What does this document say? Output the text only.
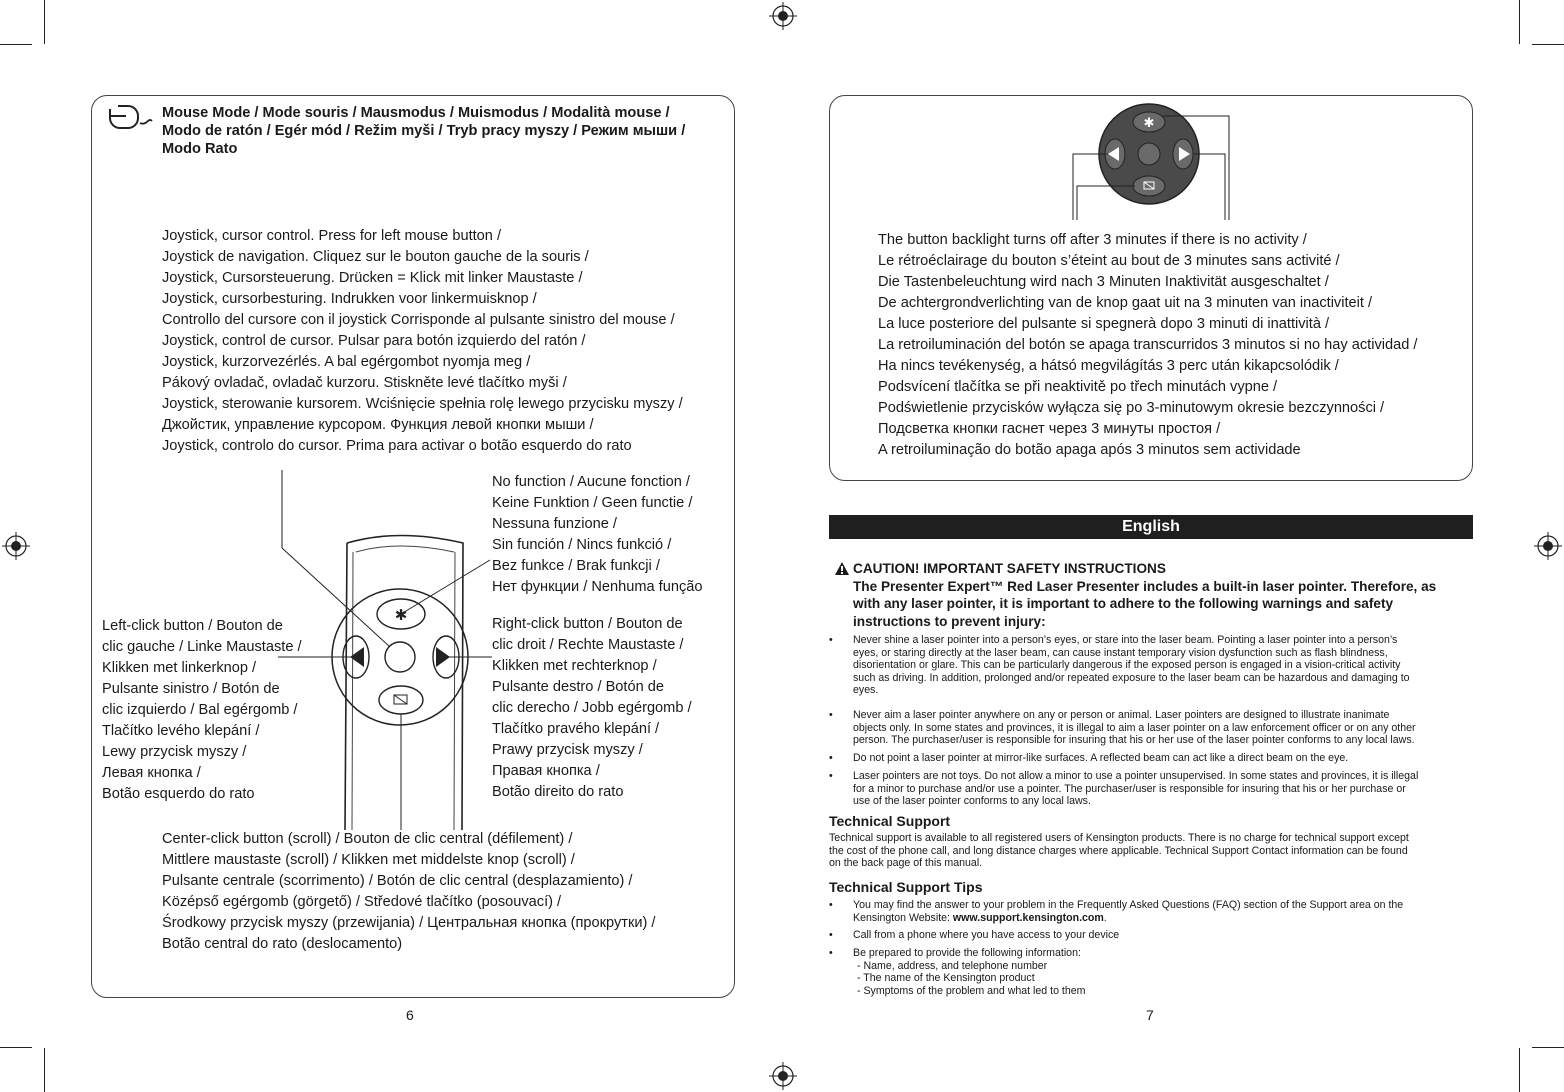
Mouse Mode / Mode souris / Mausmodus / Muismodus / Modalità mouse /
Modo de ratón / Egér mód / Režim myši / Tryb pracy myszy / Режим мыши /
Modo Rato
Joystick, cursor control. Press for left mouse button /
Joystick de navigation. Cliquez sur le bouton gauche de la souris /
Joystick, Cursorsteuerung. Drücken = Klick mit linker Maustaste /
Joystick, cursorbesturing. Indrukken voor linkermuisknop /
Controllo del cursore con il joystick Corrisponde al pulsante sinistro del mouse /
Joystick, control de cursor. Pulsar para botón izquierdo del ratón /
Joystick, kurzorvezérlés. A bal egérgombot nyomja meg /
Pákový ovladač, ovladač kurzoru. Stiskněte levé tlačítko myši /
Joystick, sterowanie kursorem. Wciśnięcie spełnia rolę lewego przycisku myszy /
Джойстик, управление курсором. Функция левой кнопки мыши /
Joystick, controlo do cursor. Prima para activar o botão esquerdo do rato
No function / Aucune fonction /
Keine Funktion / Geen functie /
Nessuna funzione /
Sin función / Nincs funkció /
Bez funkce / Brak funkcji /
Нет функции / Nenhuma função
Left-click button / Bouton de
clic gauche / Linke Maustaste /
Klikken met linkerknop /
Pulsante sinistro / Botón de
clic izquierdo / Bal egérgomb /
Tlačítko levého klepání /
Lewy przycisk myszy /
Левая кнопка /
Botão esquerdo do rato
Right-click button / Bouton de
clic droit / Rechte Maustaste /
Klikken met rechterknop /
Pulsante destro / Botón de
clic derecho / Jobb egérgomb /
Tlačítko pravého klepání /
Prawy przycisk myszy /
Правая кнопка /
Botão direito do rato
Center-click button (scroll) / Bouton de clic central (défilement) /
Mittlere maustaste (scroll) / Klikken met middelste knop (scroll) /
Pulsante centrale (scorrimento) / Botón de clic central (desplazamiento) /
Középső egérgomb (görgető) / Středové tlačítko (posouvací) /
Środkowy przycisk myszy (przewijania) / Центральная кнопка (прокрутки) /
Botão central do rato (deslocamento)
✱
6
✱
The button backlight turns off after 3 minutes if there is no activity /
Le rétroéclairage du bouton s’éteint au bout de 3 minutes sans activité /
Die Tastenbeleuchtung wird nach 3 Minuten Inaktivität ausgeschaltet /
De achtergrondverlichting van de knop gaat uit na 3 minuten van inactiviteit /
La luce posteriore del pulsante si spegnerà dopo 3 minuti di inattività /
La retroiluminación del botón se apaga transcurridos 3 minutos si no hay actividad /
Ha nincs tevékenység, a hátsó megvilágítás 3 perc után kikapcsolódik /
Podsvícení tlačítka se při neaktivitě po třech minutách vypne /
Podświetlenie przycisków wyłącza się po 3-minutowym okresie bezczynności /
Подсветка кнопки гаснет через 3 минуты простоя /
A retroiluminação do botão apaga após 3 minutos sem actividade
English
CAUTION! IMPORTANT SAFETY INSTRUCTIONS
The Presenter Expert™ Red Laser Presenter includes a built-in laser pointer. Therefore, as
with any laser pointer, it is important to adhere to the following warnings and safety
instructions to prevent injury:
• Never shine a laser pointer into a person’s eyes, or stare into the laser beam. Pointing a laser pointer into a person’s
eyes, or staring directly at the laser beam, can cause instant temporary vision dysfunction such as flash blindness,
disorientation or glare. This can be particularly dangerous if the exposed person is engaged in a vision-critical activity
such as driving. In addition, prolonged and/or repeated exposure to the laser beam can be hazardous and damaging to
eyes.
• Never aim a laser pointer anywhere on any or person or animal. Laser pointers are designed to illustrate inanimate
objects only. In some states and provinces, it is illegal to aim a laser pointer on a law enforcement officer or on any other
person. The purchaser/user is responsible for insuring that his or her use of the laser pointer conforms to any local laws.
• Do not point a laser pointer at mirror-like surfaces. A reflected beam can act like a direct beam on the eye.
• Laser pointers are not toys. Do not allow a minor to use a pointer unsupervised. In some states and provinces, it is illegal
for a minor to purchase and/or use a pointer. The purchaser/user is responsible for insuring that his or her purchase or
use of the laser pointer conforms to any local laws.
Technical Support
Technical support is available to all registered users of Kensington products. There is no charge for technical support except
the cost of the phone call, and long distance charges where applicable. Technical Support Contact information can be found
on the back page of this manual.
Technical Support Tips
• You may find the answer to your problem in the Frequently Asked Questions (FAQ) section of the Support area on the
Kensington Website: www.support.kensington.com.
• Call from a phone where you have access to your device
• Be prepared to provide the following information:
- Name, address, and telephone number
- The name of the Kensington product
- Symptoms of the problem and what led to them
7
